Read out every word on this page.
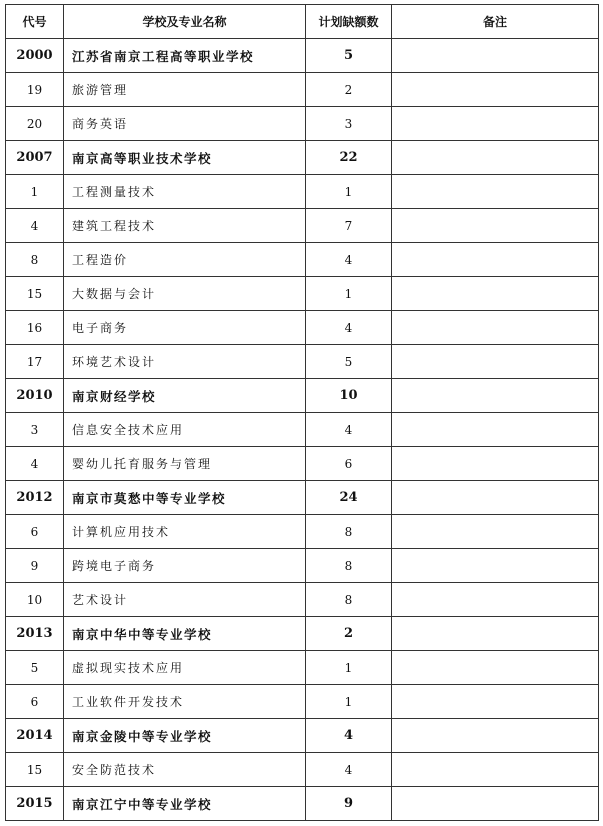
代号	学校及专业名称	计划缺额数	备注
2000	江苏省南京工程高等职业学校	5	
19	旅游管理	2	
20	商务英语	3	
2007	南京高等职业技术学校	22	
1	工程测量技术	1	
4	建筑工程技术	7	
8	工程造价	4	
15	大数据与会计	1	
16	电子商务	4	
17	环境艺术设计	5	
2010	南京财经学校	10	
3	信息安全技术应用	4	
4	婴幼儿托育服务与管理	6	
2012	南京市莫愁中等专业学校	24	
6	计算机应用技术	8	
9	跨境电子商务	8	
10	艺术设计	8	
2013	南京中华中等专业学校	2	
5	虚拟现实技术应用	1	
6	工业软件开发技术	1	
2014	南京金陵中等专业学校	4	
15	安全防范技术	4	
2015	南京江宁中等专业学校	9	
